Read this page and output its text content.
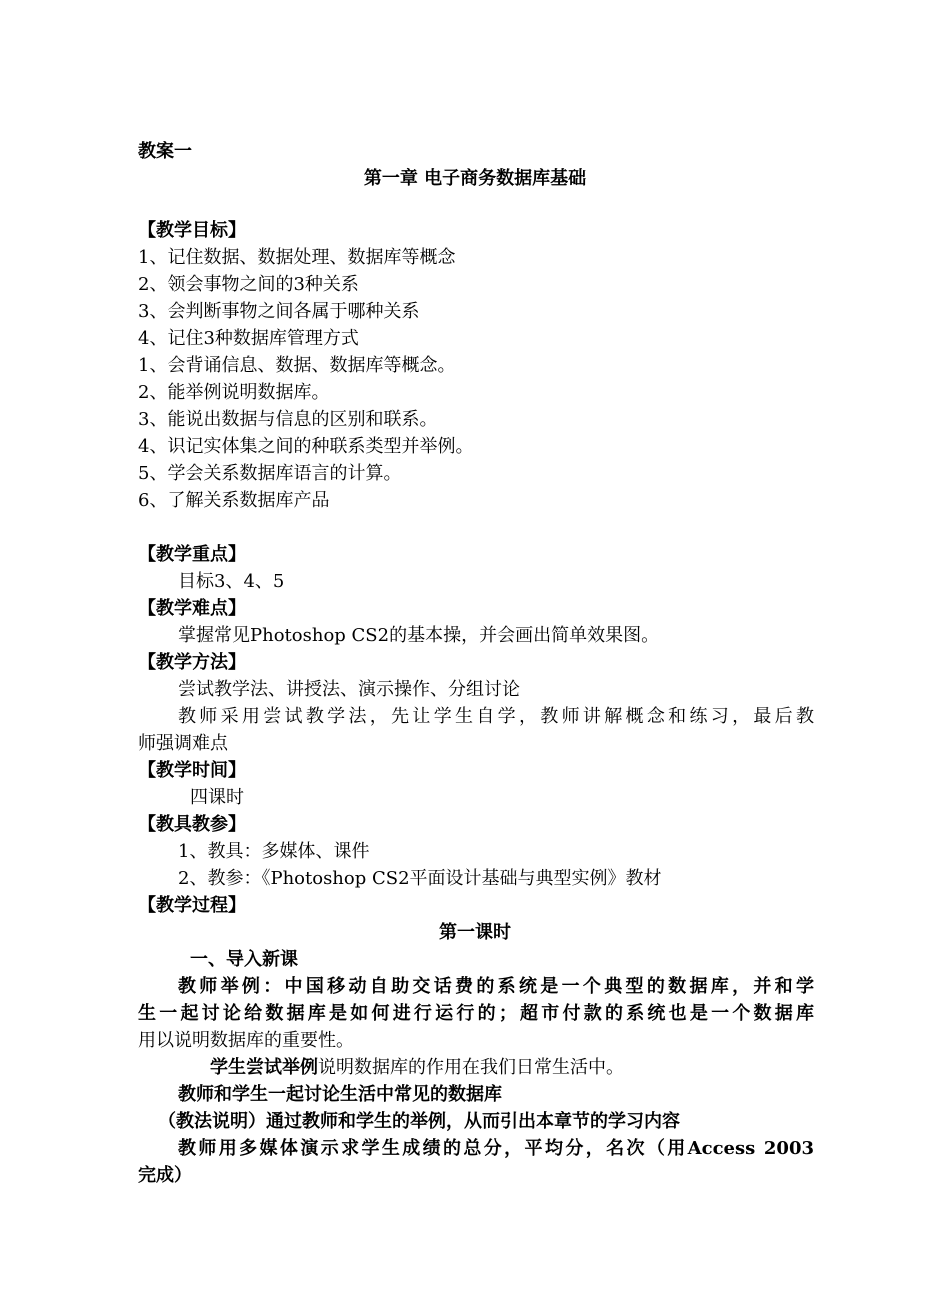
教案一
第一章 电子商务数据库基础
【教学目标】
1、记住数据、数据处理、数据库等概念
2、领会事物之间的3种关系
3、会判断事物之间各属于哪种关系
4、记住3种数据库管理方式
1、会背诵信息、数据、数据库等概念。
2、能举例说明数据库。
3、能说出数据与信息的区别和联系。
4、识记实体集之间的种联系类型并举例。
5、学会关系数据库语言的计算。
6、了解关系数据库产品
【教学重点】
目标3、4、5
【教学难点】
掌握常见Photoshop CS2的基本操，并会画出简单效果图。
【教学方法】
尝试教学法、讲授法、演示操作、分组讨论
教师采用尝试教学法，先让学生自学，教师讲解概念和练习，最后教
师强调难点
【教学时间】
四课时
【教具教参】
1、教具：多媒体、课件
2、教参：《Photoshop CS2平面设计基础与典型实例》教材
【教学过程】
第一课时
一、导入新课
教师举例：中国移动自助交话费的系统是一个典型的数据库，并和学
生一起讨论给数据库是如何进行运行的；超市付款的系统也是一个数据库
用以说明数据库的重要性。
学生尝试举例说明数据库的作用在我们日常生活中。
教师和学生一起讨论生活中常见的数据库
（教法说明）通过教师和学生的举例，从而引出本章节的学习内容
教师用多媒体演示求学生成绩的总分，平均分，名次（用Access 2003
完成）
